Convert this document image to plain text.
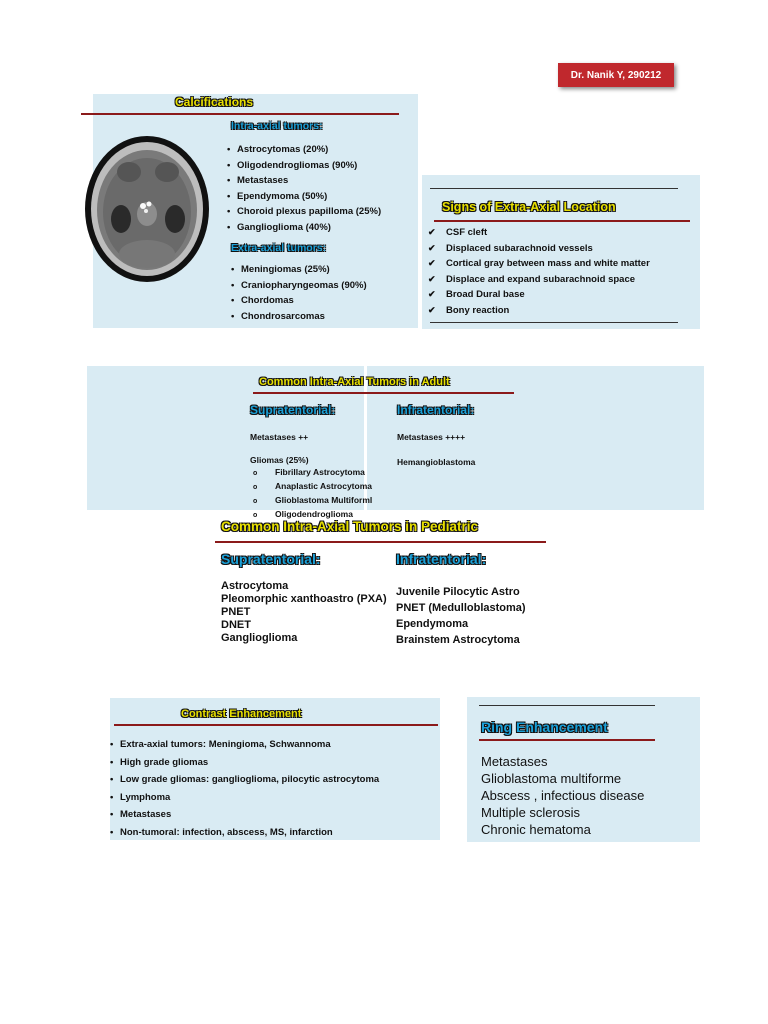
Dr. Nanik Y, 290212
Calcifications
Intra-axial tumors:
• Astrocytomas (20%)
• Oligodendrogliomas (90%)
• Metastases
• Ependymoma (50%)
• Choroid plexus papilloma (25%)
• Ganglioglioma (40%)
Extra-axial tumors:
• Meningiomas (25%)
• Craniopharyngeomas (90%)
• Chordomas
• Chondrosarcomas
Signs of Extra-Axial Location
✔ CSF cleft
✔ Displaced subarachnoid vessels
✔ Cortical gray between mass and white matter
✔ Displace and expand subarachnoid space
✔ Broad Dural base
✔ Bony reaction
Common Intra-Axial Tumors in Adult
Supratentorial:
Metastases ++
Gliomas (25%)
o Fibrillary Astrocytoma
o Anaplastic Astrocytoma
o Glioblastoma Multiforml
o Oligodendroglioma
Infratentorial:
Metastases ++++
Hemangioblastoma
Common Intra-Axial Tumors in Pediatric
Supratentorial:
Astrocytoma
Pleomorphic xanthoastro (PXA)
PNET
DNET
Ganglioglioma
Infratentorial:
Juvenile Pilocytic Astro
PNET (Medulloblastoma)
Ependymoma
Brainstem Astrocytoma
Contrast Enhancement
• Extra-axial tumors: Meningioma, Schwannoma
• High grade gliomas
• Low grade gliomas: ganglioglioma, pilocytic astrocytoma
• Lymphoma
• Metastases
• Non-tumoral: infection, abscess, MS, infarction
Ring Enhancement
Metastases
Glioblastoma multiforme
Abscess , infectious disease
Multiple sclerosis
Chronic hematoma
